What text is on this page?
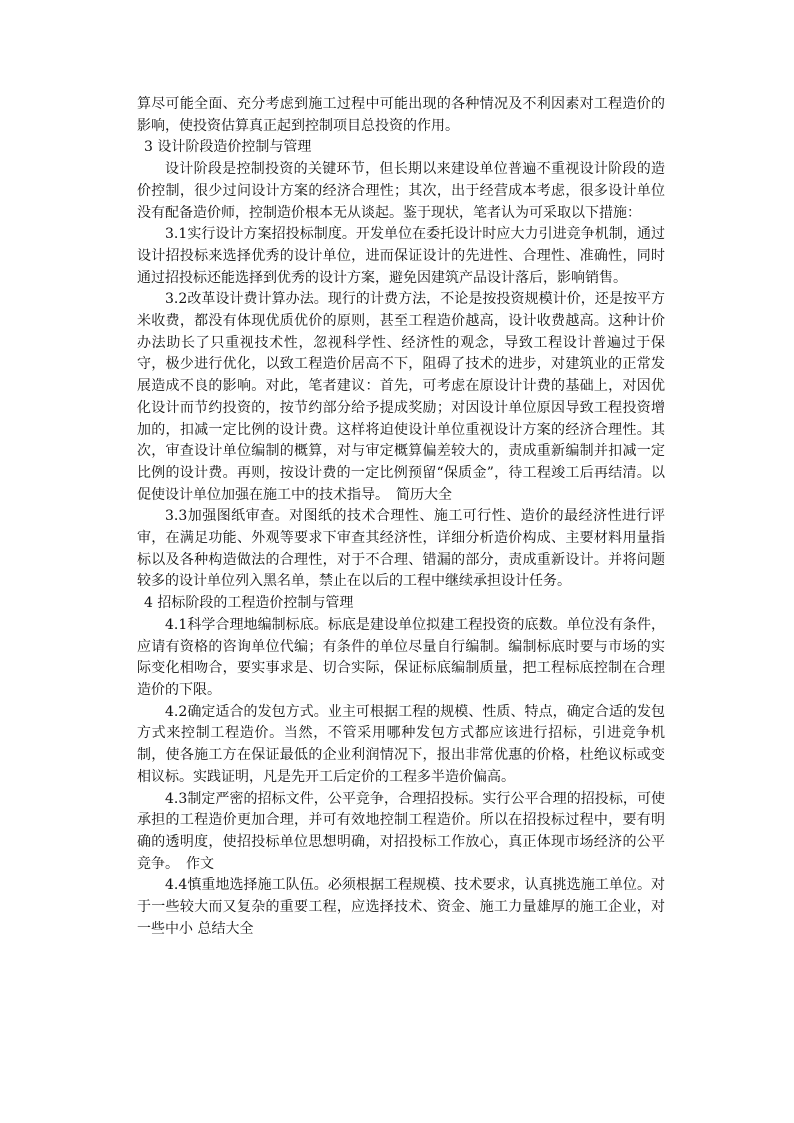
算尽可能全面、充分考虑到施工过程中可能出现的各种情况及不利因素对工程造价的影响，使投资估算真正起到控制项目总投资的作用。

3 设计阶段造价控制与管理

设计阶段是控制投资的关键环节，但长期以来建设单位普遍不重视设计阶段的造价控制，很少过问设计方案的经济合理性；其次，出于经营成本考虑，很多设计单位没有配备造价师，控制造价根本无从谈起。鉴于现状，笔者认为可采取以下措施：

3.1实行设计方案招投标制度。开发单位在委托设计时应大力引进竞争机制，通过设计招投标来选择优秀的设计单位，进而保证设计的先进性、合理性、准确性，同时通过招投标还能选择到优秀的设计方案，避免因建筑产品设计落后，影响销售。

3.2改革设计费计算办法。现行的计费方法，不论是按投资规模计价，还是按平方米收费，都没有体现优质优价的原则，甚至工程造价越高，设计收费越高。这种计价办法助长了只重视技术性，忽视科学性、经济性的观念，导致工程设计普遍过于保守，极少进行优化，以致工程造价居高不下，阻碍了技术的进步，对建筑业的正常发展造成不良的影响。对此，笔者建议：首先，可考虑在原设计计费的基础上，对因优化设计而节约投资的，按节约部分给予提成奖励；对因设计单位原因导致工程投资增加的，扣减一定比例的设计费。这样将迫使设计单位重视设计方案的经济合理性。其次，审查设计单位编制的概算，对与审定概算偏差较大的，责成重新编制并扣减一定比例的设计费。再则，按设计费的一定比例预留“保质金”，待工程竣工后再结清。以促使设计单位加强在施工中的技术指导。　简历大全

3.3加强图纸审查。对图纸的技术合理性、施工可行性、造价的最经济性进行评审，在满足功能、外观等要求下审查其经济性，详细分析造价构成、主要材料用量指标以及各种构造做法的合理性，对于不合理、错漏的部分，责成重新设计。并将问题较多的设计单位列入黑名单，禁止在以后的工程中继续承担设计任务。

4 招标阶段的工程造价控制与管理

4.1科学合理地编制标底。标底是建设单位拟建工程投资的底数。单位没有条件，应请有资格的咨询单位代编；有条件的单位尽量自行编制。编制标底时要与市场的实际变化相吻合，要实事求是、切合实际，保证标底编制质量，把工程标底控制在合理造价的下限。

4.2确定适合的发包方式。业主可根据工程的规模、性质、特点，确定合适的发包方式来控制工程造价。当然，不管采用哪种发包方式都应该进行招标，引进竞争机制，使各施工方在保证最低的企业利润情况下，报出非常优惠的价格，杜绝议标或变相议标。实践证明，凡是先开工后定价的工程多半造价偏高。

4.3制定严密的招标文件，公平竞争，合理招投标。实行公平合理的招投标，可使承担的工程造价更加合理，并可有效地控制工程造价。所以在招投标过程中，要有明确的透明度，使招投标单位思想明确，对招投标工作放心，真正体现市场经济的公平竞争。　作文

4.4慎重地选择施工队伍。必须根据工程规模、技术要求，认真挑选施工单位。对于一些较大而又复杂的重要工程，应选择技术、资金、施工力量雄厚的施工企业，对一些中小 总结大全
